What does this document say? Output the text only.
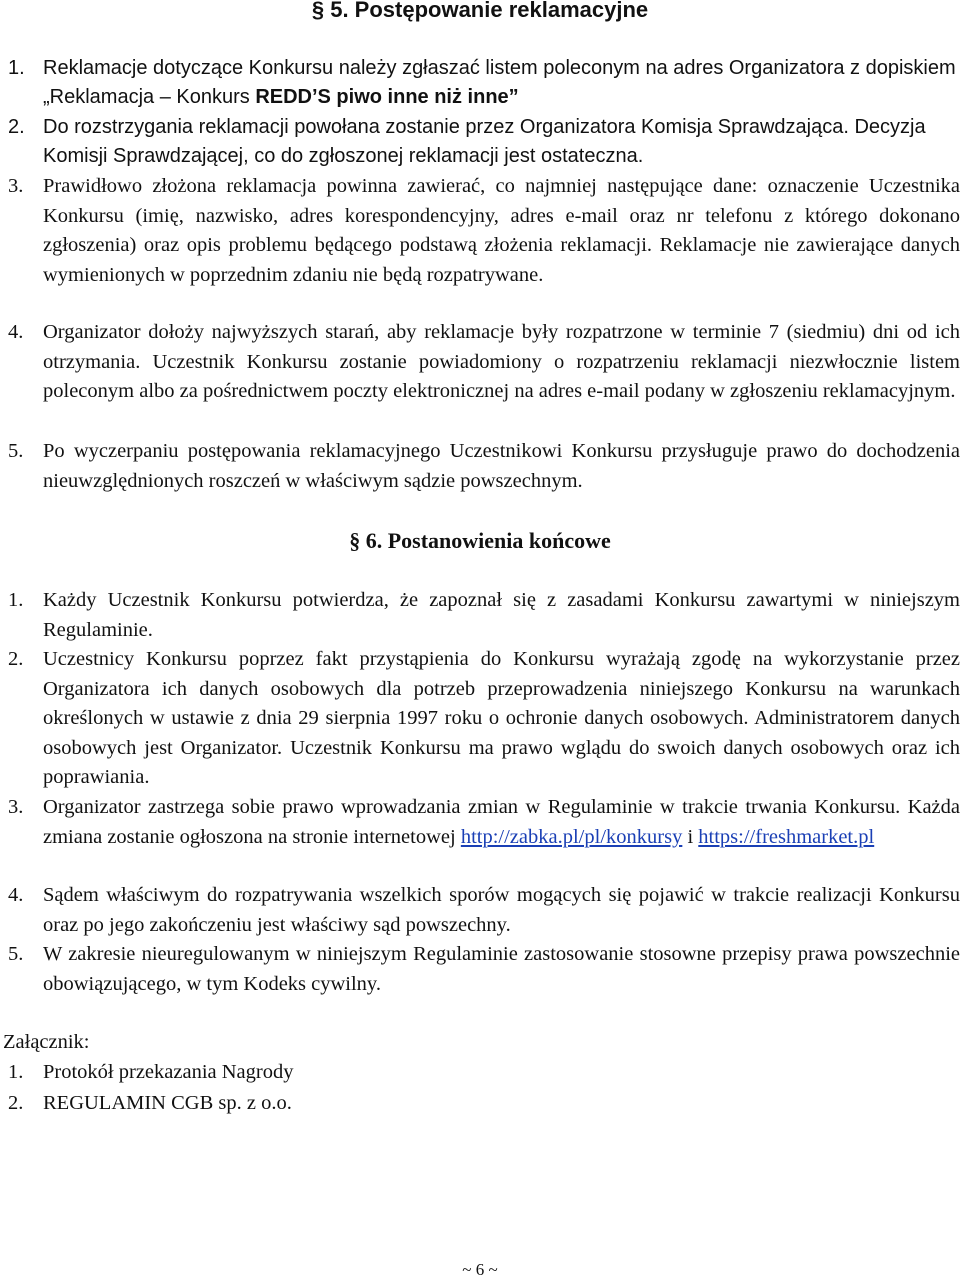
§ 5. Postępowanie reklamacyjne
1. Reklamacje dotyczące Konkursu należy zgłaszać listem poleconym na adres Organizatora z dopiskiem „Reklamacja – Konkurs REDD’S piwo inne niż inne”
2. Do rozstrzygania reklamacji powołana zostanie przez Organizatora Komisja Sprawdzająca. Decyzja Komisji Sprawdzającej, co do zgłoszonej reklamacji jest ostateczna.
3. Prawidłowo złożona reklamacja powinna zawierać, co najmniej następujące dane: oznaczenie Uczestnika Konkursu (imię, nazwisko, adres korespondencyjny, adres e-mail oraz nr telefonu z którego dokonano zgłoszenia) oraz opis problemu będącego podstawą złożenia reklamacji. Reklamacje nie zawierające danych wymienionych w poprzednim zdaniu nie będą rozpatrywane.
4. Organizator dołoży najwyższych starań, aby reklamacje były rozpatrzone w terminie 7 (siedmiu) dni od ich otrzymania. Uczestnik Konkursu zostanie powiadomiony o rozpatrzeniu reklamacji niezwłocznie listem poleconym albo za pośrednictwem poczty elektronicznej na adres e-mail podany w zgłoszeniu reklamacyjnym.
5. Po wyczerpaniu postępowania reklamacyjnego Uczestnikowi Konkursu przysługuje prawo do dochodzenia nieuwzględnionych roszczeń w właściwym sądzie powszechnym.
§ 6. Postanowienia końcowe
1. Każdy Uczestnik Konkursu potwierdza, że zapoznał się z zasadami Konkursu zawartymi w niniejszym Regulaminie.
2. Uczestnicy Konkursu poprzez fakt przystąpienia do Konkursu wyrażają zgodę na wykorzystanie przez Organizatora ich danych osobowych dla potrzeb przeprowadzenia niniejszego Konkursu na warunkach określonych w ustawie z dnia 29 sierpnia 1997 roku o ochronie danych osobowych. Administratorem danych osobowych jest Organizator. Uczestnik Konkursu ma prawo wglądu do swoich danych osobowych oraz ich poprawiania.
3. Organizator zastrzega sobie prawo wprowadzania zmian w Regulaminie w trakcie trwania Konkursu. Każda zmiana zostanie ogłoszona na stronie internetowej http://zabka.pl/pl/konkursy i https://freshmarket.pl
4. Sądem właściwym do rozpatrywania wszelkich sporów mogących się pojawić w trakcie realizacji Konkursu oraz po jego zakończeniu jest właściwy sąd powszechny.
5. W zakresie nieuregulowanym w niniejszym Regulaminie zastosowanie stosowne przepisy prawa powszechnie obowiązującego, w tym Kodeks cywilny.
Załącznik:
1. Protokół przekazania Nagrody
2. REGULAMIN CGB sp. z o.o.
~ 6 ~
